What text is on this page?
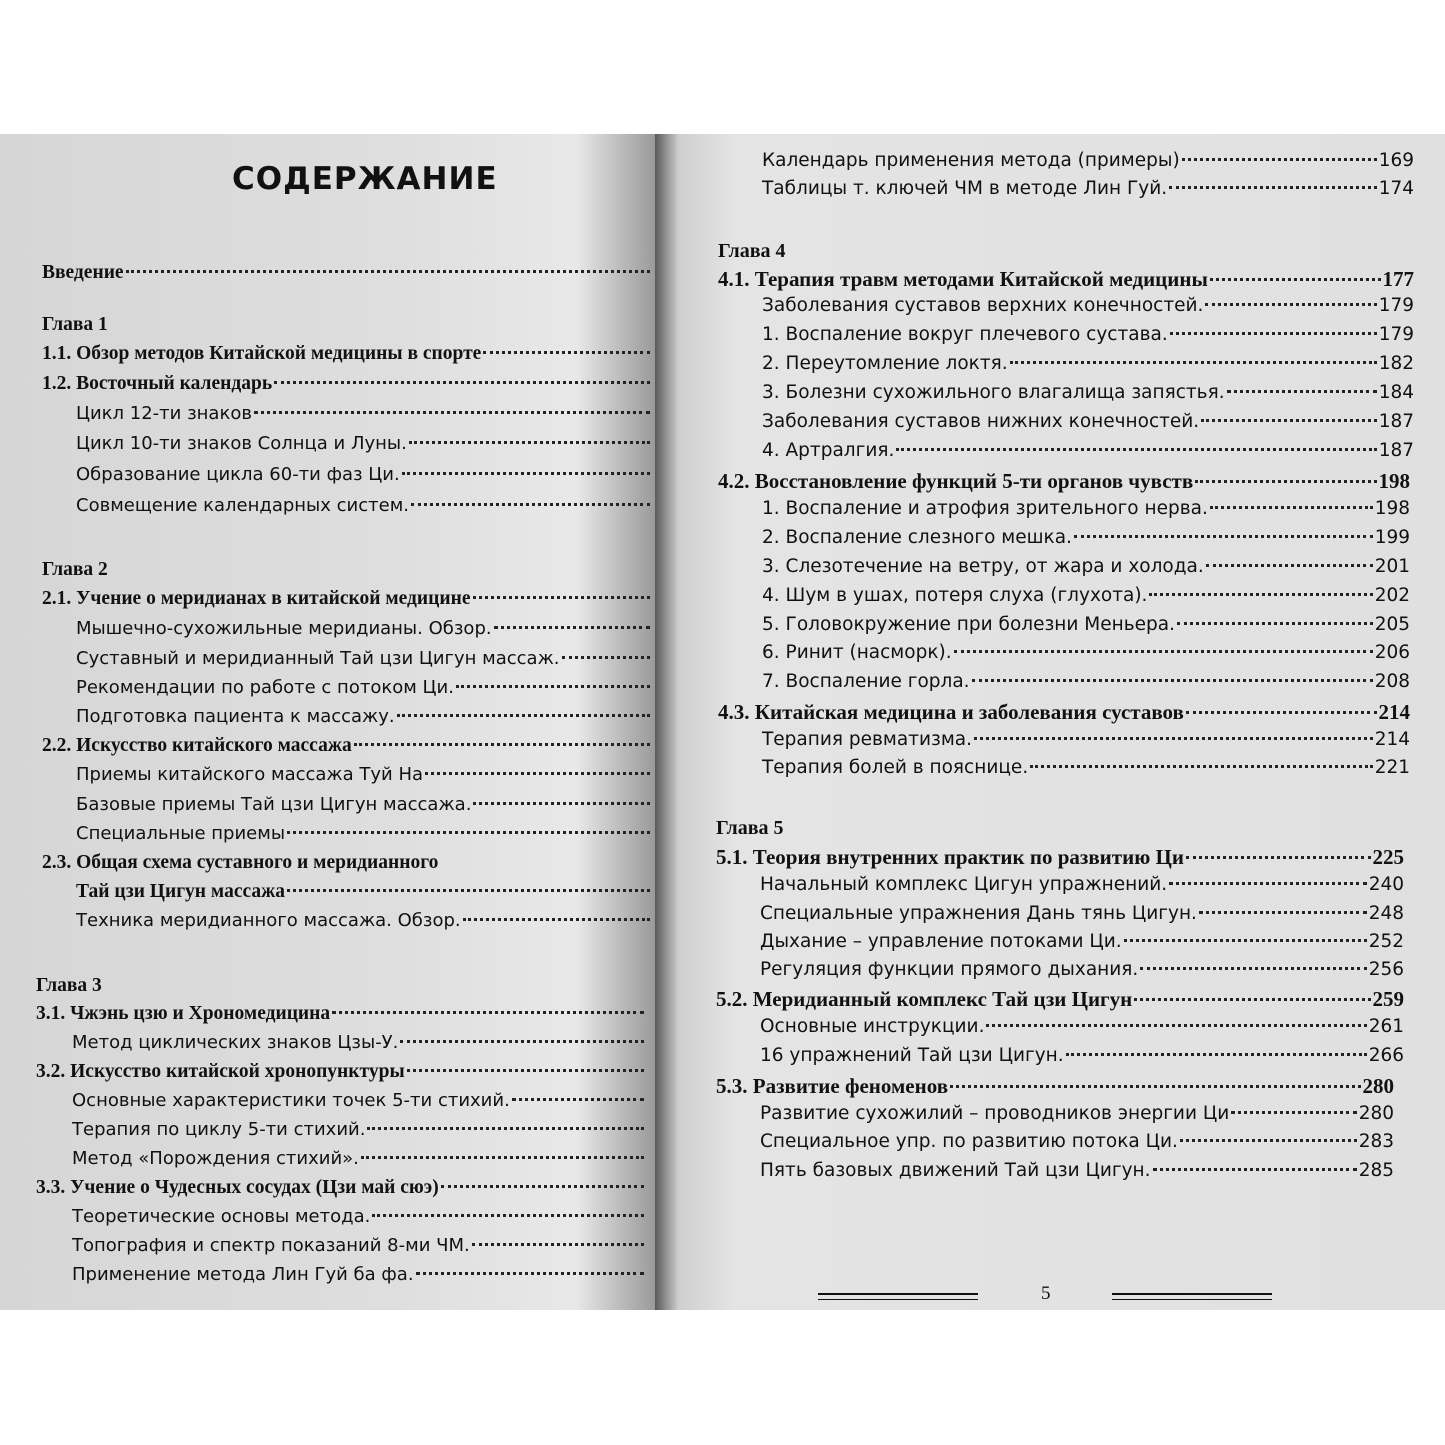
СОДЕРЖАНИЕ
Введение
Глава 1
1.1. Обзор методов Китайской медицины в спорте
1.2. Восточный календарь
Цикл 12-ти знаков
Цикл 10-ти знаков Солнца и Луны.
Образование цикла 60-ти фаз Ци.
Совмещение календарных систем.
Глава 2
2.1. Учение о меридианах в китайской медицине
Мышечно-сухожильные меридианы. Обзор.
Суставный и меридианный Тай цзи Цигун массаж.
Рекомендации по работе с потоком Ци.
Подготовка пациента к массажу.
2.2. Искусство китайского массажа
Приемы китайского массажа Туй На
Базовые приемы Тай цзи Цигун массажа.
Специальные приемы
2.3. Общая схема суставного и меридианного
Тай цзи Цигун массажа
Техника меридианного массажа. Обзор.
Глава 3
3.1. Чжэнь цзю и Хрономедицина
Метод циклических знаков Цзы-У.
3.2. Искусство китайской хронопунктуры
Основные характеристики точек 5-ти стихий.
Терапия по циклу 5-ти стихий.
Метод «Порождения стихий».
3.3. Учение о Чудесных сосудах (Цзи май сюэ)
Теоретические основы метода.
Топография и спектр показаний 8-ми ЧМ.
Применение метода Лин Гуй ба фа.
Календарь применения метода (примеры)	169
Таблицы т. ключей ЧМ в методе Лин Гуй.	174
Глава 4
4.1. Терапия травм методами Китайской медицины	177
Заболевания суставов верхних конечностей.	179
1. Воспаление вокруг плечевого сустава.	179
2. Переутомление локтя.	182
3. Болезни сухожильного влагалища запястья.	184
Заболевания суставов нижних конечностей.	187
4. Артралгия.	187
4.2. Восстановление функций 5-ти органов чувств	198
1. Воспаление и атрофия зрительного нерва.	198
2. Воспаление слезного мешка.	199
3. Слезотечение на ветру, от жара и холода.	201
4. Шум в ушах, потеря слуха (глухота).	202
5. Головокружение при болезни Меньера.	205
6. Ринит (насморк).	206
7. Воспаление горла.	208
4.3. Китайская медицина и заболевания суставов	214
Терапия ревматизма.	214
Терапия болей в пояснице.	221
Глава 5
5.1. Теория внутренних практик по развитию Ци	225
Начальный комплекс Цигун упражнений.	240
Специальные упражнения Дань тянь Цигун.	248
Дыхание – управление потоками Ци.	252
Регуляция функции прямого дыхания.	256
5.2. Меридианный комплекс Тай цзи Цигун	259
Основные инструкции.	261
16 упражнений Тай цзи Цигун.	266
5.3. Развитие феноменов	280
Развитие сухожилий – проводников энергии Ци	280
Специальное упр. по развитию потока Ци.	283
Пять базовых движений Тай цзи Цигун.	285
5
